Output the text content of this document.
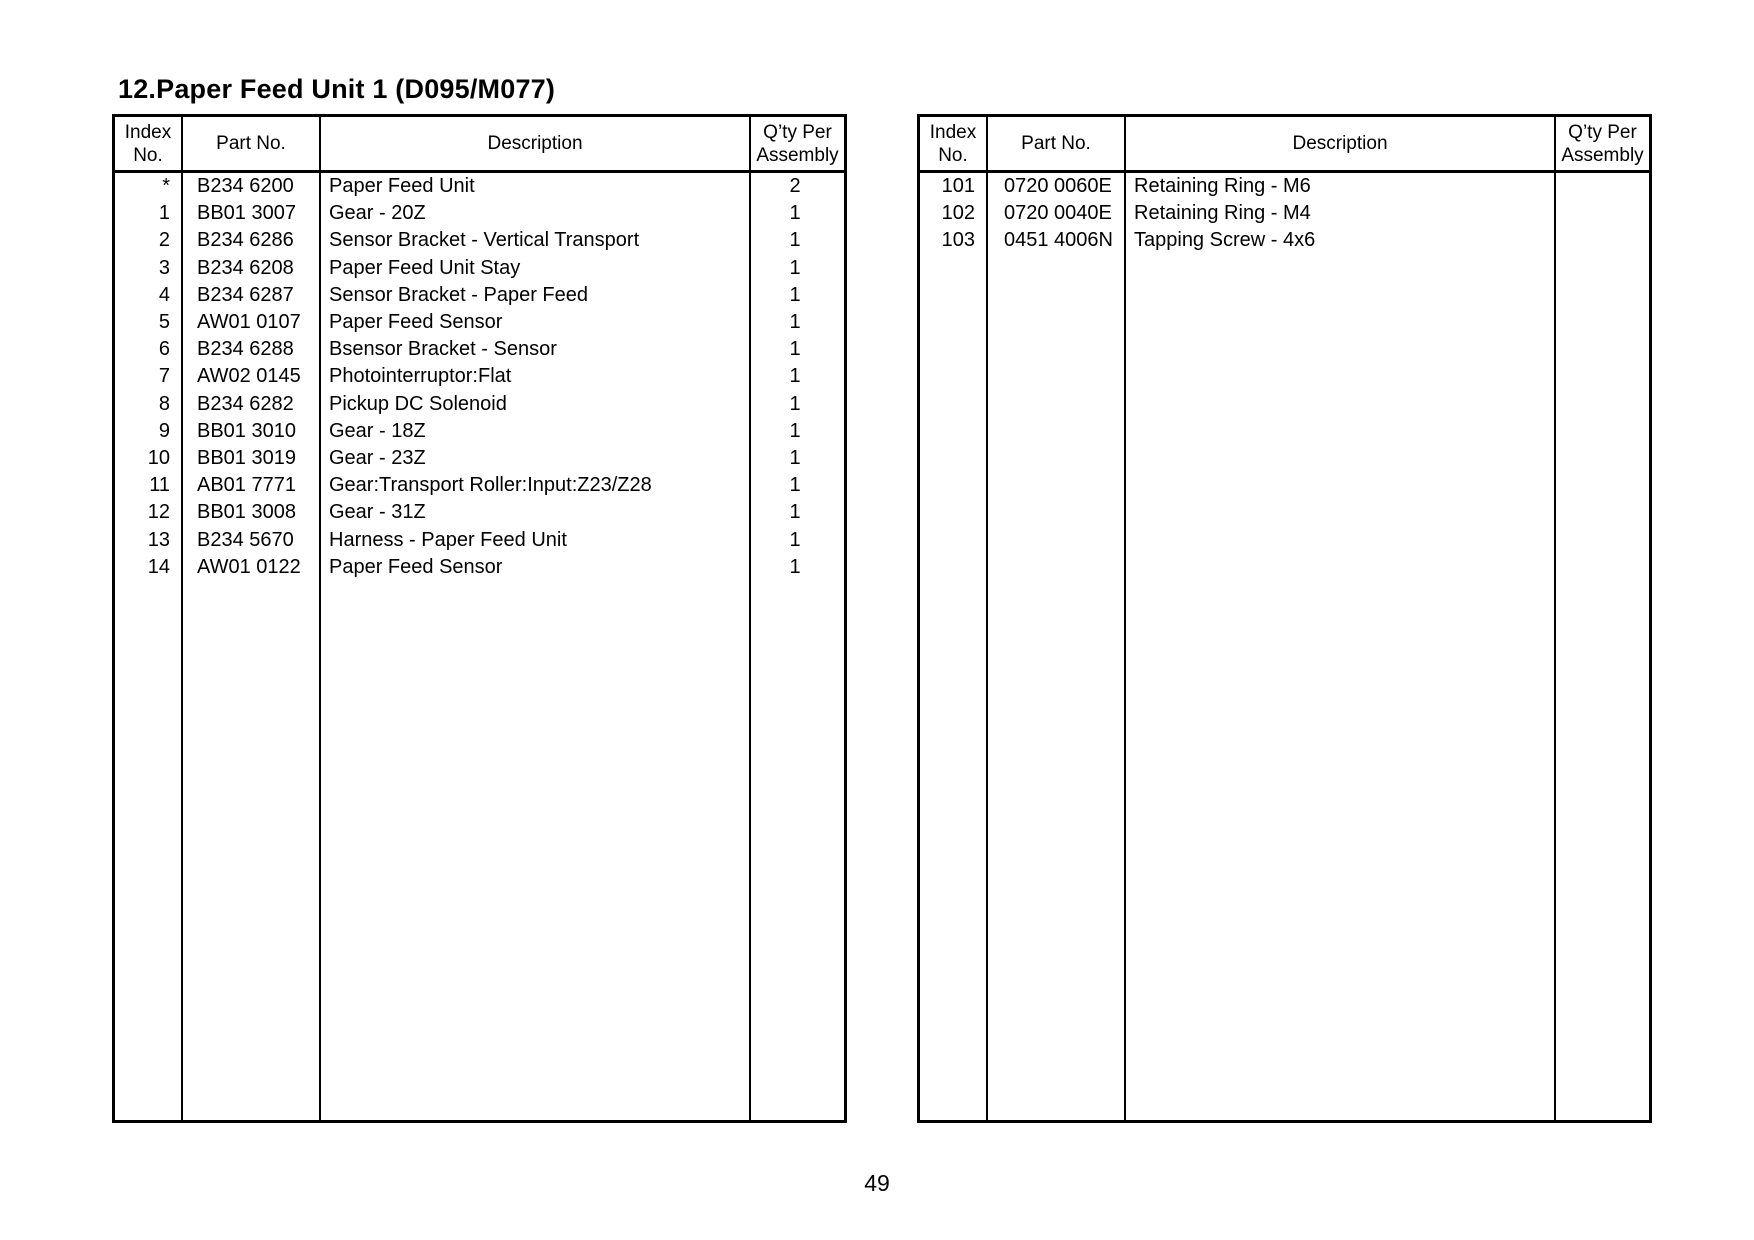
12.Paper Feed Unit 1 (D095/M077)
Index
No.
Part No.	Description
Q’ty Per
Assembly
* B234 6200	Paper Feed Unit	2
1 BB01 3007	Gear - 20Z	1
2 B234 6286	Sensor Bracket - Vertical Transport	1
3 B234 6208	Paper Feed Unit Stay	1
4 B234 6287	Sensor Bracket - Paper Feed	1
5 AW01 0107	Paper Feed Sensor	1
6 B234 6288	Bsensor Bracket - Sensor	1
7 AW02 0145	Photointerruptor:Flat	1
8 B234 6282	Pickup DC Solenoid	1
9 BB01 3010	Gear - 18Z	1
10 BB01 3019	Gear - 23Z	1
11 AB01 7771	Gear:Transport Roller:Input:Z23/Z28	1
12 BB01 3008	Gear - 31Z	1
13 B234 5670	Harness - Paper Feed Unit	1
14 AW01 0122	Paper Feed Sensor	1
Index
No.
Part No.	Description
Q’ty Per
Assembly
101 0720 0060E	Retaining Ring - M6
102 0720 0040E	Retaining Ring - M4
103 0451 4006N	Tapping Screw - 4x6
49
